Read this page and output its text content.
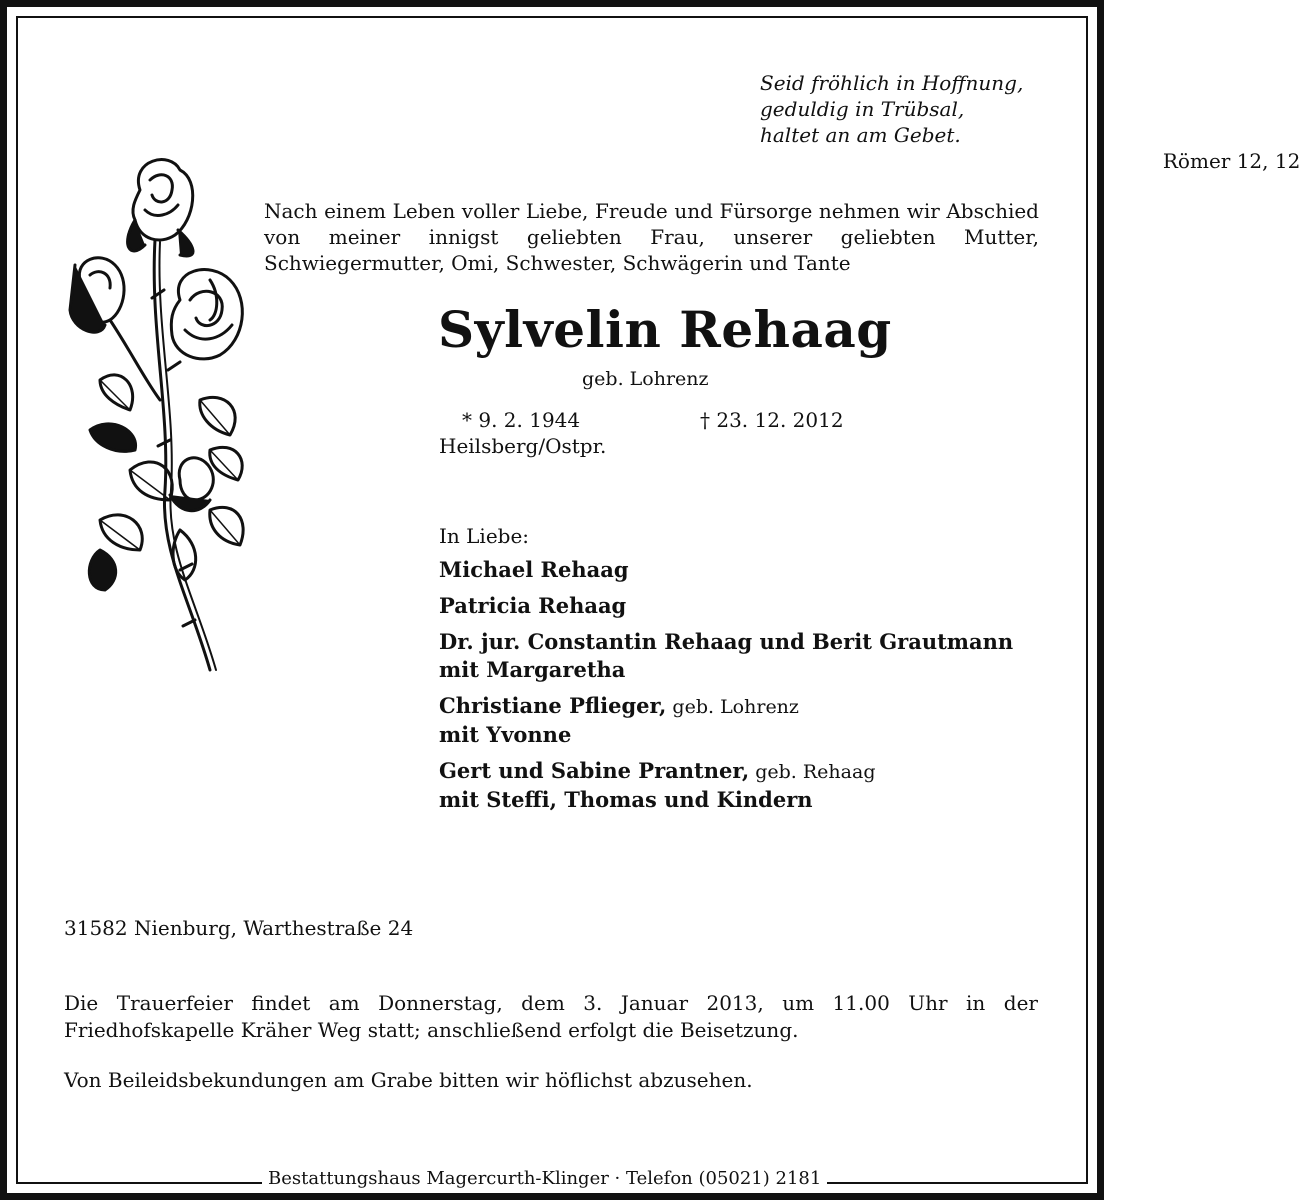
Seid fröhlich in Hoffnung,
geduldig in Trübsal,
haltet an am Gebet.
Römer 12, 12
Nach einem Leben voller Liebe, Freude und Fürsorge nehmen wir Abschied von meiner innigst geliebten Frau, unserer geliebten Mutter, Schwiegermutter, Omi, Schwester, Schwägerin und Tante
Sylvelin Rehaag
geb. Lohrenz
* 9. 2. 1944
Heilsberg/Ostpr.
† 23. 12. 2012
In Liebe:
Michael Rehaag
Patricia Rehaag
Dr. jur. Constantin Rehaag und Berit Grautmann
mit Margaretha
Christiane Pflieger, geb. Lohrenz
mit Yvonne
Gert und Sabine Prantner, geb. Rehaag
mit Steffi, Thomas und Kindern
31582 Nienburg, Warthestraße 24
Die Trauerfeier findet am Donnerstag, dem 3. Januar 2013, um 11.00 Uhr in der Friedhofskapelle Kräher Weg statt; anschließend erfolgt die Beisetzung.
Von Beileidsbekundungen am Grabe bitten wir höflichst abzusehen.
Bestattungshaus Magercurth-Klinger · Telefon (05021) 2181
